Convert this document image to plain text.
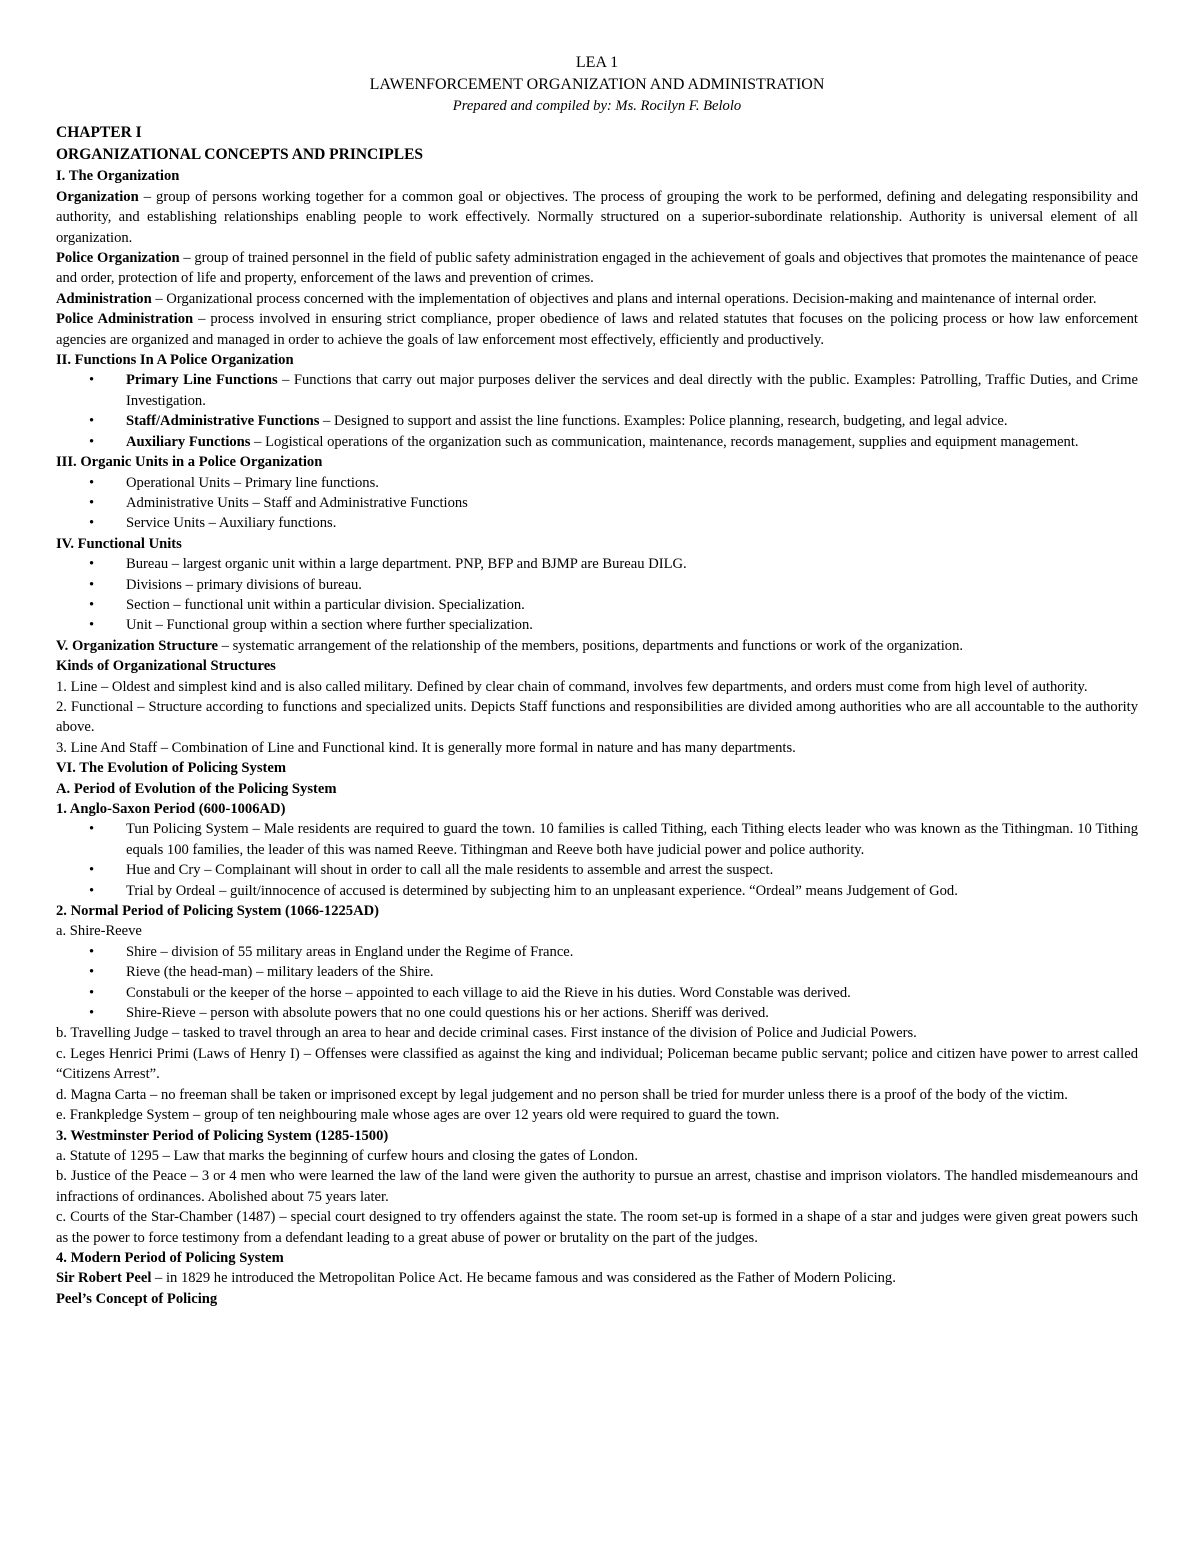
LEA 1
LAWENFORCEMENT ORGANIZATION AND ADMINISTRATION
Prepared and compiled by: Ms. Rocilyn F. Belolo
CHAPTER I
ORGANIZATIONAL CONCEPTS AND PRINCIPLES
I. The Organization

Organization – group of persons working together for a common goal or objectives. The process of grouping the work to be performed, defining and delegating responsibility and authority, and establishing relationships enabling people to work effectively. Normally structured on a superior-subordinate relationship. Authority is universal element of all organization.

Police Organization – group of trained personnel in the field of public safety administration engaged in the achievement of goals and objectives that promotes the maintenance of peace and order, protection of life and property, enforcement of the laws and prevention of crimes.

Administration – Organizational process concerned with the implementation of objectives and plans and internal operations. Decision-making and maintenance of internal order.

Police Administration – process involved in ensuring strict compliance, proper obedience of laws and related statutes that focuses on the policing process or how law enforcement agencies are organized and managed in order to achieve the goals of law enforcement most effectively, efficiently and productively.

II. Functions In A Police Organization
• Primary Line Functions – Functions that carry out major purposes deliver the services and deal directly with the public. Examples: Patrolling, Traffic Duties, and Crime Investigation.
• Staff/Administrative Functions – Designed to support and assist the line functions. Examples: Police planning, research, budgeting, and legal advice.
• Auxiliary Functions – Logistical operations of the organization such as communication, maintenance, records management, supplies and equipment management.
III. Organic Units in a Police Organization
• Operational Units – Primary line functions.
• Administrative Units – Staff and Administrative Functions
• Service Units – Auxiliary functions.
IV. Functional Units
• Bureau – largest organic unit within a large department. PNP, BFP and BJMP are Bureau DILG.
• Divisions – primary divisions of bureau.
• Section – functional unit within a particular division. Specialization.
• Unit – Functional group within a section where further specialization.

V. Organization Structure – systematic arrangement of the relationship of the members, positions, departments and functions or work of the organization.

Kinds of Organizational Structures

1. Line – Oldest and simplest kind and is also called military. Defined by clear chain of command, involves few departments, and orders must come from high level of authority.

2. Functional – Structure according to functions and specialized units. Depicts Staff functions and responsibilities are divided among authorities who are all accountable to the authority above.

3. Line And Staff – Combination of Line and Functional kind. It is generally more formal in nature and has many departments.

VI. The Evolution of Policing System
A. Period of Evolution of the Policing System
1. Anglo-Saxon Period (600-1006AD)
• Tun Policing System – Male residents are required to guard the town. 10 families is called Tithing, each Tithing elects leader who was known as the Tithingman. 10 Tithing equals 100 families, the leader of this was named Reeve. Tithingman and Reeve both have judicial power and police authority.
• Hue and Cry – Complainant will shout in order to call all the male residents to assemble and arrest the suspect.
• Trial by Ordeal – guilt/innocence of accused is determined by subjecting him to an unpleasant experience. “Ordeal” means Judgement of God.
2. Normal Period of Policing System (1066-1225AD)

a. Shire-Reeve

• Shire – division of 55 military areas in England under the Regime of France.
• Rieve (the head-man) – military leaders of the Shire.
• Constabuli or the keeper of the horse – appointed to each village to aid the Rieve in his duties. Word Constable was derived.
• Shire-Rieve – person with absolute powers that no one could questions his or her actions. Sheriff was derived.

b. Travelling Judge – tasked to travel through an area to hear and decide criminal cases. First instance of the division of Police and Judicial Powers.

c. Leges Henrici Primi (Laws of Henry I) – Offenses were classified as against the king and individual; Policeman became public servant; police and citizen have power to arrest called “Citizens Arrest”.

d. Magna Carta – no freeman shall be taken or imprisoned except by legal judgement and no person shall be tried for murder unless there is a proof of the body of the victim.

e. Frankpledge System – group of ten neighbouring male whose ages are over 12 years old were required to guard the town.

3. Westminster Period of Policing System (1285-1500)

a. Statute of 1295 – Law that marks the beginning of curfew hours and closing the gates of London.

b. Justice of the Peace – 3 or 4 men who were learned the law of the land were given the authority to pursue an arrest, chastise and imprison violators. The handled misdemeanours and infractions of ordinances. Abolished about 75 years later.

c. Courts of the Star-Chamber (1487) – special court designed to try offenders against the state. The room set-up is formed in a shape of a star and judges were given great powers such as the power to force testimony from a defendant leading to a great abuse of power or brutality on the part of the judges.

4. Modern Period of Policing System

Sir Robert Peel – in 1829 he introduced the Metropolitan Police Act. He became famous and was considered as the Father of Modern Policing.

Peel’s Concept of Policing
